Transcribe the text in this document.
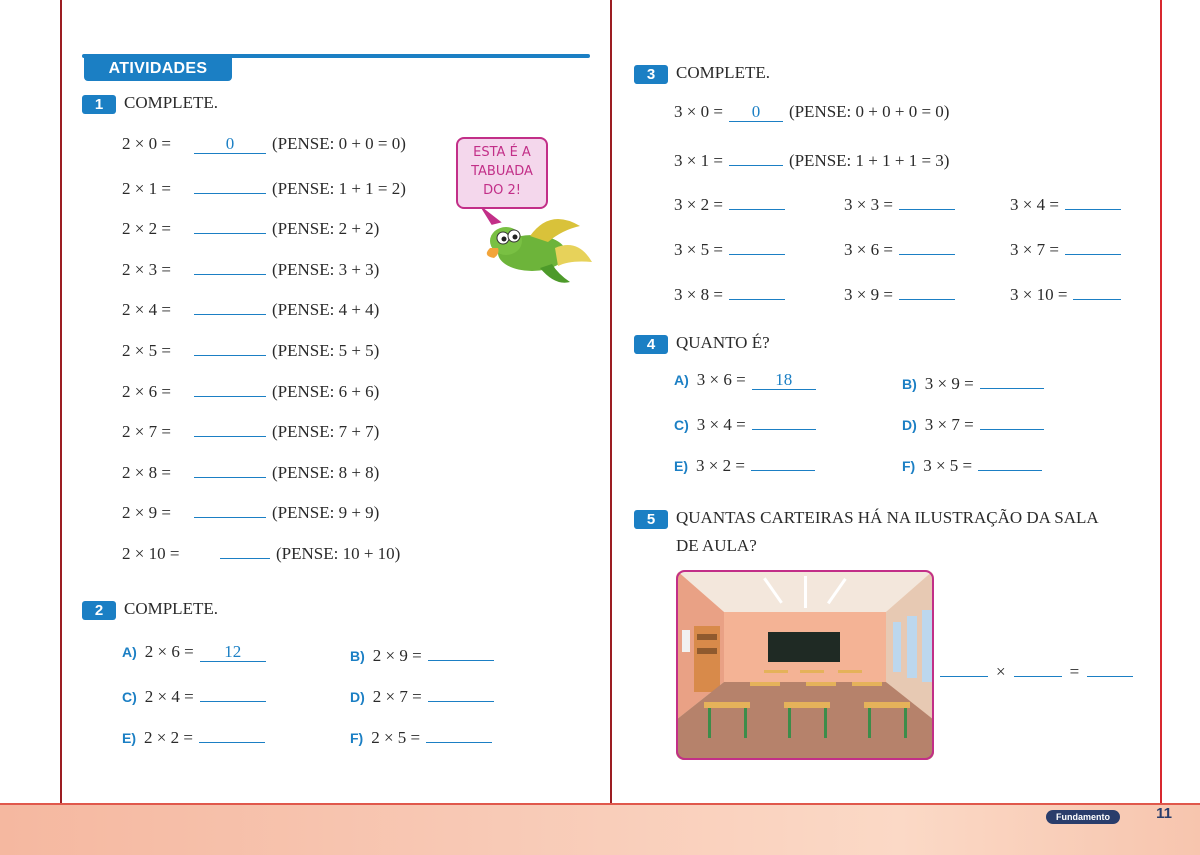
ATIVIDADES
1	COMPLETE.
2 × 0 =	0	(PENSE: 0 + 0 = 0)
2 × 1 =	(PENSE: 1 + 1 = 2)
2 × 2 =	(PENSE: 2 + 2)
2 × 3 =	(PENSE: 3 + 3)
2 × 4 =	(PENSE: 4 + 4)
2 × 5 =	(PENSE: 5 + 5)
2 × 6 =	(PENSE: 6 + 6)
2 × 7 =	(PENSE: 7 + 7)
2 × 8 =	(PENSE: 8 + 8)
2 × 9 =	(PENSE: 9 + 9)
2 × 10 =	(PENSE: 10 + 10)
ESTA É A
TABUADA
DO 2!
2	COMPLETE.
A) 2 × 6 =	12	B) 2 × 9 =
C) 2 × 4 =	D) 2 × 7 =
E) 2 × 2 =	F) 2 × 5 =
3	COMPLETE.
3 × 0 =	0	(PENSE: 0 + 0 + 0 = 0)
3 × 1 =	(PENSE: 1 + 1 + 1 = 3)
3 × 2 =	3 × 3 =	3 × 4 =
3 × 5 =	3 × 6 =	3 × 7 =
3 × 8 =	3 × 9 =	3 × 10 =
4	QUANTO É?
A) 3 × 6 =	18	B) 3 × 9 =
C) 3 × 4 =	D) 3 × 7 =
E) 3 × 2 =	F) 3 × 5 =
5	QUANTAS CARTEIRAS HÁ NA ILUSTRAÇÃO DA SALA
DE AULA?
×	=
Fundamento	11
